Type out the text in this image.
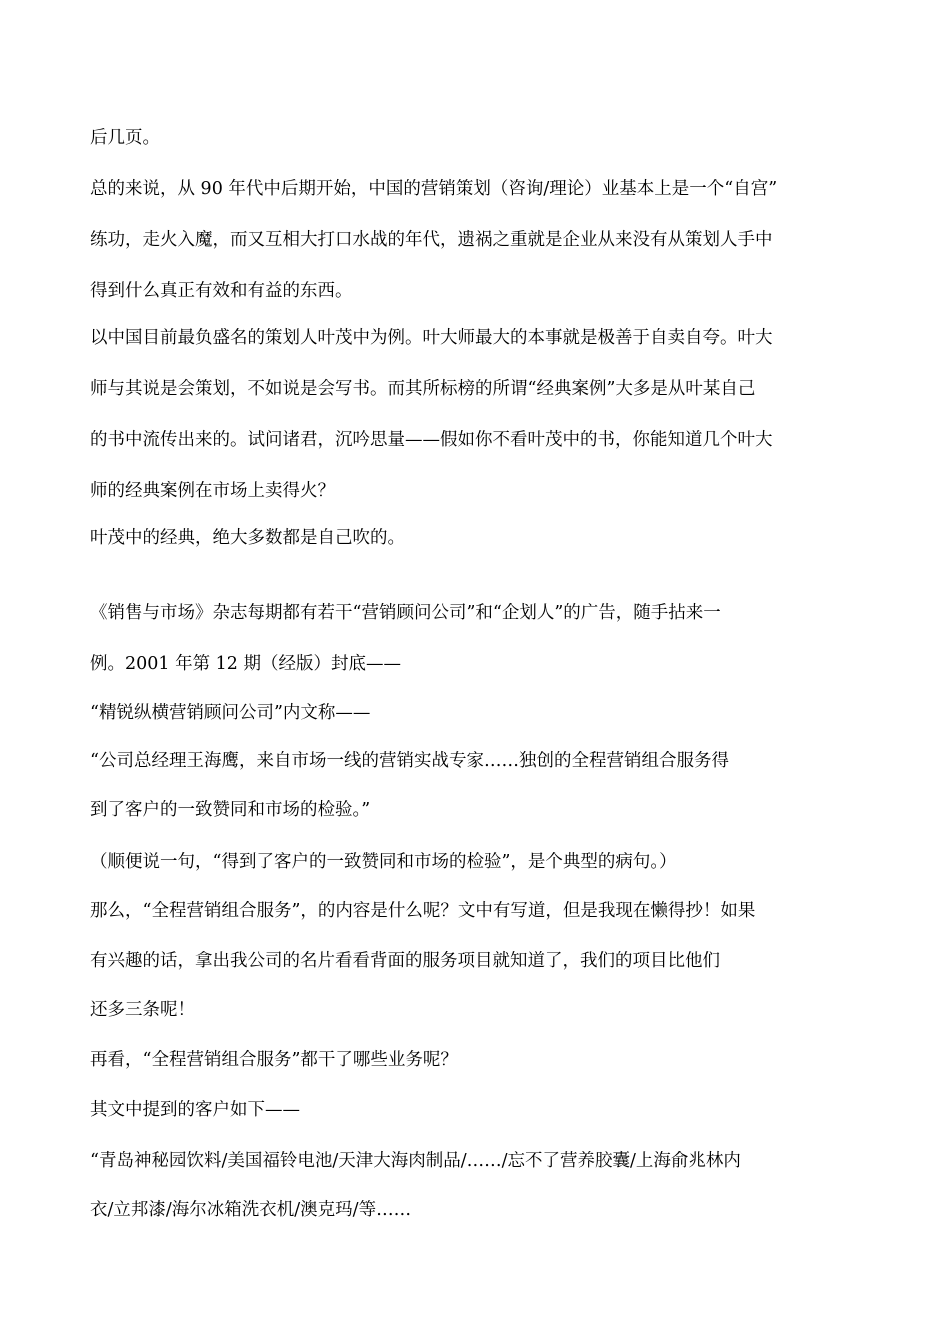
后几页。
总的来说，从 90 年代中后期开始，中国的营销策划（咨询/理论）业基本上是一个“自宫”
练功，走火入魔，而又互相大打口水战的年代，遗祸之重就是企业从来没有从策划人手中
得到什么真正有效和有益的东西。
以中国目前最负盛名的策划人叶茂中为例。叶大师最大的本事就是极善于自卖自夸。叶大
师与其说是会策划，不如说是会写书。而其所标榜的所谓“经典案例”大多是从叶某自己
的书中流传出来的。试问诸君，沉吟思量——假如你不看叶茂中的书，你能知道几个叶大
师的经典案例在市场上卖得火？
叶茂中的经典，绝大多数都是自己吹的。
《销售与市场》杂志每期都有若干“营销顾问公司”和“企划人”的广告，随手拈来一
例。2001 年第 12 期（经版）封底——
“精锐纵横营销顾问公司”内文称——
“公司总经理王海鹰，来自市场一线的营销实战专家……独创的全程营销组合服务得
到了客户的一致赞同和市场的检验。”
（顺便说一句，“得到了客户的一致赞同和市场的检验”，是个典型的病句。）
那么，“全程营销组合服务”，的内容是什么呢？文中有写道，但是我现在懒得抄！如果
有兴趣的话，拿出我公司的名片看看背面的服务项目就知道了，我们的项目比他们
还多三条呢！
再看，“全程营销组合服务”都干了哪些业务呢？
其文中提到的客户如下——
“青岛神秘园饮料/美国福铃电池/天津大海肉制品/……/忘不了营养胶囊/上海俞兆林内
衣/立邦漆/海尔冰箱洗衣机/澳克玛/等……
